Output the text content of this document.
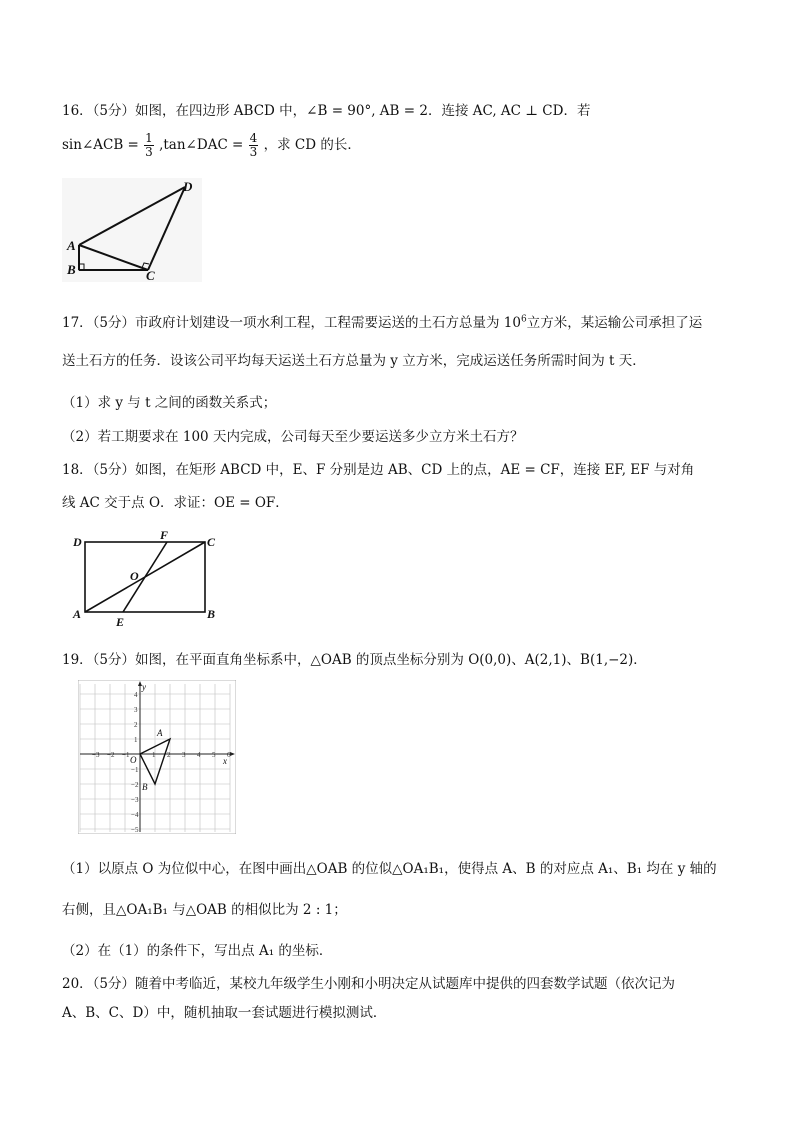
16．（5分）如图，在四边形 ABCD 中，∠B = 90°, AB = 2．连接 AC, AC ⊥ CD．若
sin∠ACB = $\frac{1}{3}$ ,tan∠DAC = $\frac{4}{3}$ ，求 CD 的长．
D
A
B	C
17．（5分）市政府计划建设一项水利工程，工程需要运送的土石方总量为 $10^6$立方米，某运输公司承担了运
送土石方的任务．设该公司平均每天运送土石方总量为 y 立方米，完成运送任务所需时间为 t 天．
（1）求 y 与 t 之间的函数关系式；
（2）若工期要求在 100 天内完成，公司每天至少要运送多少立方米土石方？
18．（5分）如图，在矩形 ABCD 中，E、F 分别是边 AB、CD 上的点，AE = CF，连接 EF, EF 与对角
线 AC 交于点 O．求证：OE = OF．
D	F	C
O
A
E
B
19．（5分）如图，在平面直角坐标系中，△OAB 的顶点坐标分别为 O(0,0)、A(2,1)、B(1,−2)．
−3 −2 −1	1 2 3 4 5 6
4
3
2
1
−1
−2
−3
−4
−5
O
A
B
x
y
（1）以原点 O 为位似中心，在图中画出△OAB 的位似△OA₁B₁，使得点 A、B 的对应点 A₁、B₁ 均在 y 轴的
右侧，且△OA₁B₁ 与△OAB 的相似比为 2 : 1；
（2）在（1）的条件下，写出点 A₁ 的坐标．
20．（5分）随着中考临近，某校九年级学生小刚和小明决定从试题库中提供的四套数学试题（依次记为
A、B、C、D）中，随机抽取一套试题进行模拟测试．
